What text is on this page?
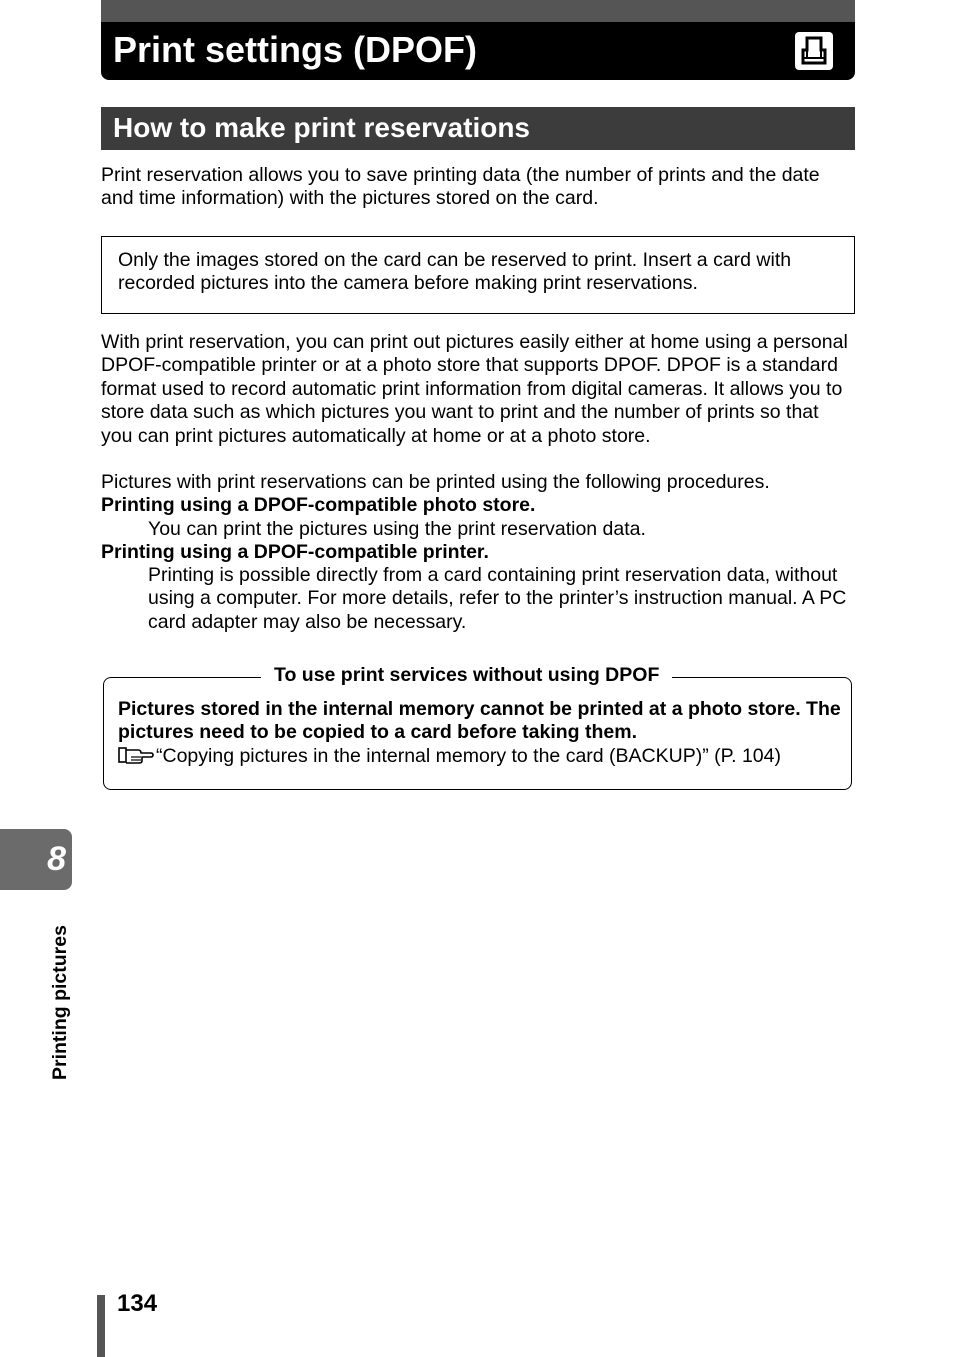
Print settings (DPOF)
How to make print reservations

Print reservation allows you to save printing data (the number of prints and the date and time information) with the pictures stored on the card.

Only the images stored on the card can be reserved to print. Insert a card with recorded pictures into the camera before making print reservations.

With print reservation, you can print out pictures easily either at home using a personal DPOF-compatible printer or at a photo store that supports DPOF. DPOF is a standard format used to record automatic print information from digital cameras. It allows you to store data such as which pictures you want to print and the number of prints so that you can print pictures automatically at home or at a photo store.

Pictures with print reservations can be printed using the following procedures.

Printing using a DPOF-compatible photo store.

You can print the pictures using the print reservation data.

Printing using a DPOF-compatible printer.

Printing is possible directly from a card containing print reservation data, without using a computer. For more details, refer to the printer’s instruction manual. A PC card adapter may also be necessary.

To use print services without using DPOF

Pictures stored in the internal memory cannot be printed at a photo store. The pictures need to be copied to a card before taking them.

“Copying pictures in the internal memory to the card (BACKUP)” (P. 104)

8
Printing pictures
134
